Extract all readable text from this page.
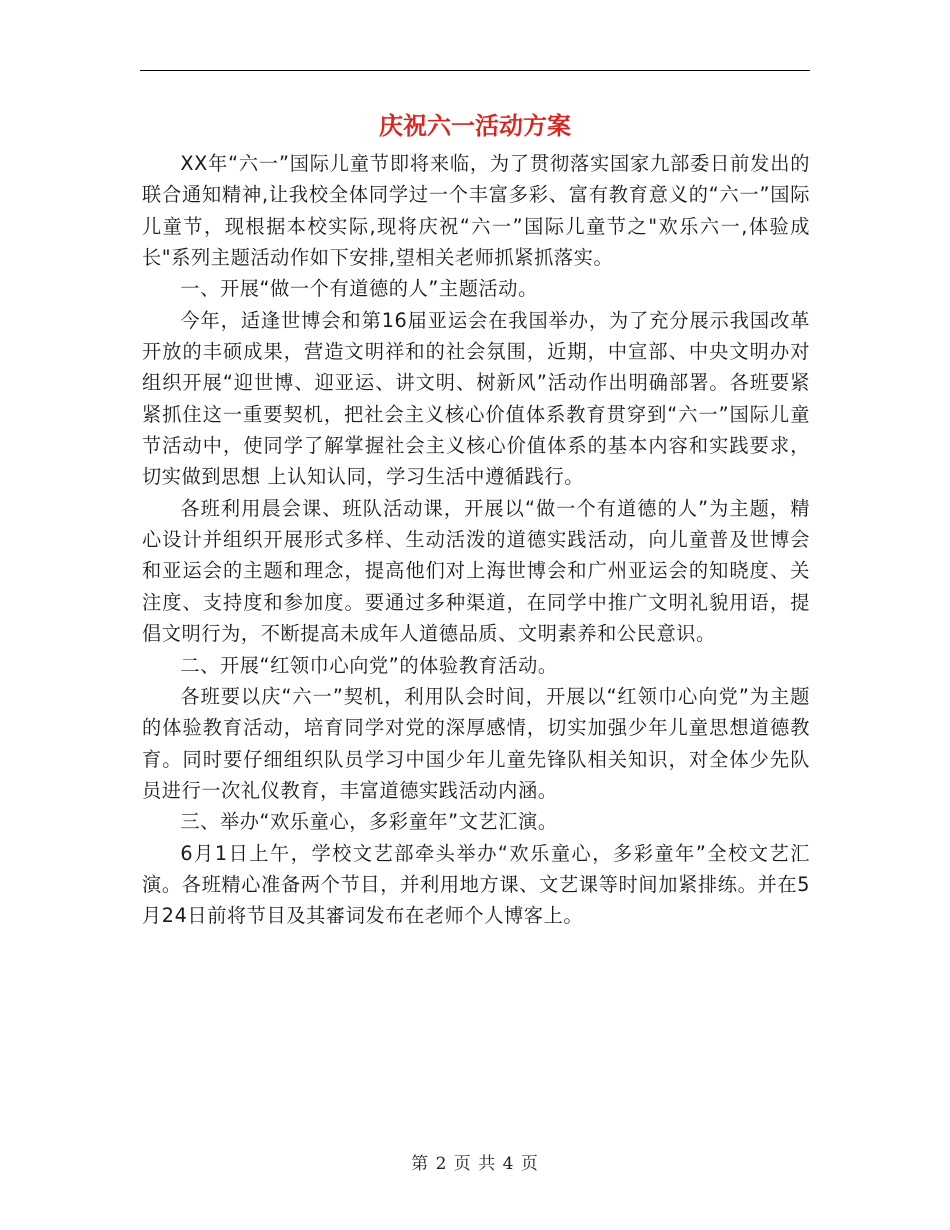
庆祝六一活动方案

XX年“六一”国际儿童节即将来临，为了贯彻落实国家九部委日前发出的联合通知精神,让我校全体同学过一个丰富多彩、富有教育意义的“六一”国际儿童节，现根据本校实际,现将庆祝“六一”国际儿童节之"欢乐六一,体验成长"系列主题活动作如下安排,望相关老师抓紧抓落实。

一、开展“做一个有道德的人”主题活动。

今年，适逢世博会和第16届亚运会在我国举办，为了充分展示我国改革开放的丰硕成果，营造文明祥和的社会氛围，近期，中宣部、中央文明办对组织开展“迎世博、迎亚运、讲文明、树新风”活动作出明确部署。各班要紧紧抓住这一重要契机，把社会主义核心价值体系教育贯穿到“六一”国际儿童节活动中，使同学了解掌握社会主义核心价值体系的基本内容和实践要求，切实做到思想 上认知认同，学习生活中遵循践行。

各班利用晨会课、班队活动课，开展以“做一个有道德的人”为主题，精心设计并组织开展形式多样、生动活泼的道德实践活动，向儿童普及世博会和亚运会的主题和理念，提高他们对上海世博会和广州亚运会的知晓度、关注度、支持度和参加度。要通过多种渠道，在同学中推广文明礼貌用语，提倡文明行为，不断提高未成年人道德品质、文明素养和公民意识。

二、开展“红领巾心向党”的体验教育活动。

各班要以庆“六一”契机，利用队会时间，开展以“红领巾心向党”为主题的体验教育活动，培育同学对党的深厚感情，切实加强少年儿童思想道德教育。同时要仔细组织队员学习中国少年儿童先锋队相关知识，对全体少先队员进行一次礼仪教育，丰富道德实践活动内涵。

三、举办“欢乐童心，多彩童年”文艺汇演。

6月1日上午，学校文艺部牵头举办“欢乐童心，多彩童年”全校文艺汇演。各班精心准备两个节目，并利用地方课、文艺课等时间加紧排练。并在5月24日前将节目及其審词发布在老师个人博客上。

第 2 页 共 4 页
